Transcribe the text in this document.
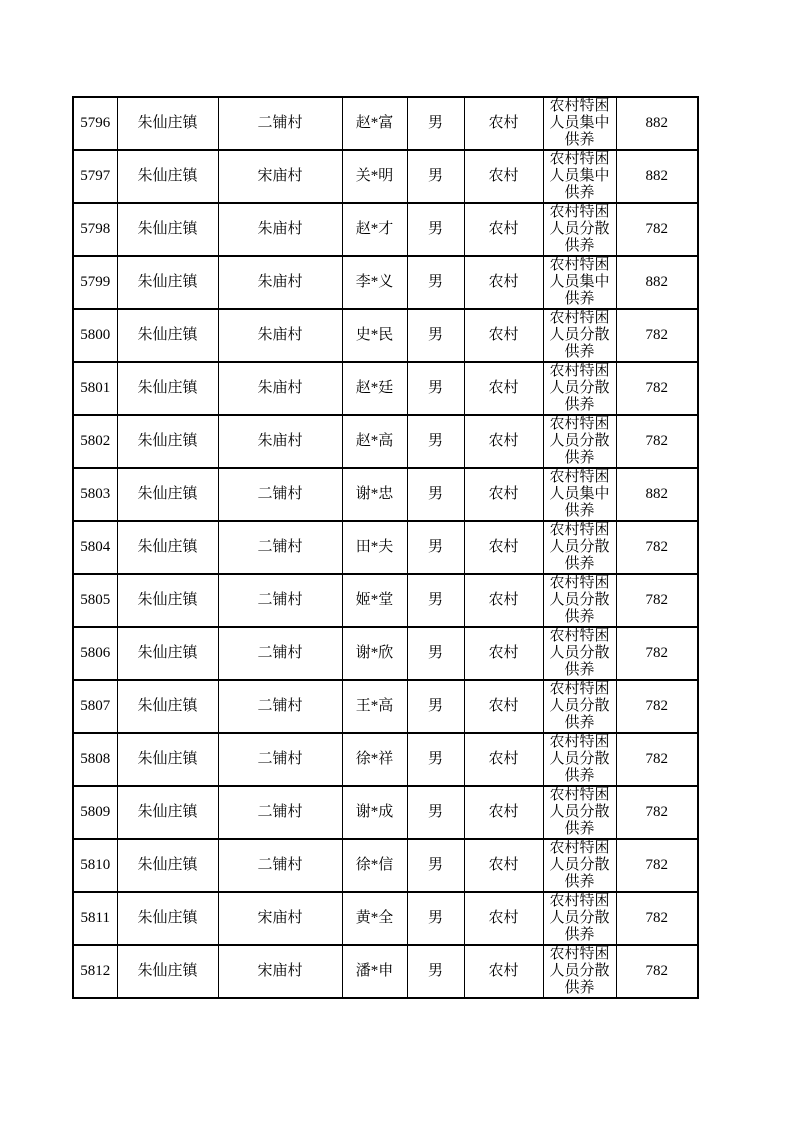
5796	朱仙庄镇	二铺村	赵*富	男	农村	农村特困人员集中供养	882
5797	朱仙庄镇	宋庙村	关*明	男	农村	农村特困人员集中供养	882
5798	朱仙庄镇	朱庙村	赵*才	男	农村	农村特困人员分散供养	782
5799	朱仙庄镇	朱庙村	李*义	男	农村	农村特困人员集中供养	882
5800	朱仙庄镇	朱庙村	史*民	男	农村	农村特困人员分散供养	782
5801	朱仙庄镇	朱庙村	赵*廷	男	农村	农村特困人员分散供养	782
5802	朱仙庄镇	朱庙村	赵*高	男	农村	农村特困人员分散供养	782
5803	朱仙庄镇	二铺村	谢*忠	男	农村	农村特困人员集中供养	882
5804	朱仙庄镇	二铺村	田*夫	男	农村	农村特困人员分散供养	782
5805	朱仙庄镇	二铺村	姬*堂	男	农村	农村特困人员分散供养	782
5806	朱仙庄镇	二铺村	谢*欣	男	农村	农村特困人员分散供养	782
5807	朱仙庄镇	二铺村	王*高	男	农村	农村特困人员分散供养	782
5808	朱仙庄镇	二铺村	徐*祥	男	农村	农村特困人员分散供养	782
5809	朱仙庄镇	二铺村	谢*成	男	农村	农村特困人员分散供养	782
5810	朱仙庄镇	二铺村	徐*信	男	农村	农村特困人员分散供养	782
5811	朱仙庄镇	宋庙村	黄*全	男	农村	农村特困人员分散供养	782
5812	朱仙庄镇	宋庙村	潘*申	男	农村	农村特困人员分散供养	782
